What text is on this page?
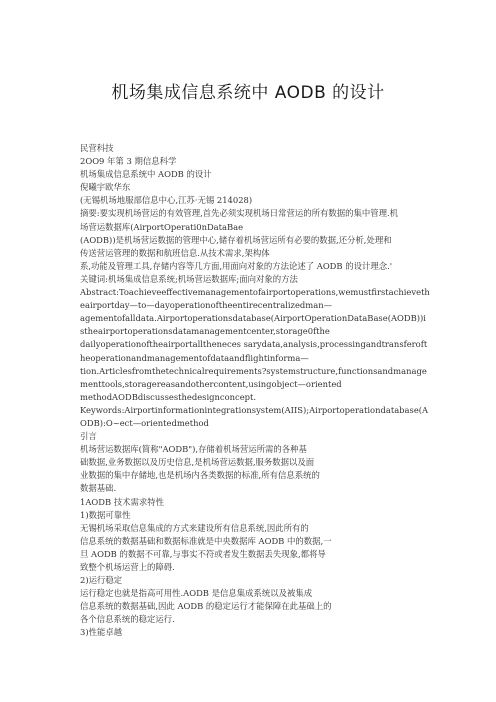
机场集成信息系统中 AODB 的设计
民营科技
2OO9 年第 3 期信息科学
机场集成信息系统中 AODB 的设计
倪曦宇欧华东
(无锡机场地服部信息中心,江苏·无锡 214028)
摘要:要实现机场营运的有效管理,首先必须实现机场日常营运的所有数据的集中管理.机
场营运数据库(AirportOperati0nDataBae
(AODB))是机场营运数据的管理中心,储存着机场营运所有必要的数据,还分析,处理和
传送营运管理的数据和航班信息.从技术需求,架构体
系,功能及管理工具,存储内容等几方面,用面向对象的方法论述了 AODB 的设计理念.'
关键词:机场集成信息系统;机场营运数据库;面向对象的方法
Abstract:Toachieveeffectivemanagementofairportoperations,wemustfirstachievetheairportday—to—dayoperationoftheentirecentralizedman—
agementofalldata.Airportoperationsdatabase(AirportOperationDataBase(AODB))istheairportoperationsdatamanagementcenter,storage0fthe
dailyoperationoftheairportalltheneces sarydata,analysis,processingandtransferoftheoperationandmanagementofdataandflightinforma—
tion.Articlesfromthetechnicalrequirements?systemstructure,functionsandmanagementtools,storagereasandothercontent,usingobject—oriented
methodAODBdiscussesthedesignconcept.
Keywords:Airportinformationintegrationsystem(AIIS);Airportoperationdatabase(AODB):O~ect—orientedmethod
引言
机场营运数据库(简称"AODB"),存储着机场营运所需的各种基
础数据,业务数据以及历史信息,是机场营运数据,服务数据以及面
业数据的集中存储地,也是机场内各类数据的标准,所有信息系统的
数据基础.
1AODB 技术需求特性
1)数据可靠性
无锡机场采取信息集成的方式来建设所有信息系统,因此所有的
信息系统的数据基础和数据标准就是中央数据库 AODB 中的数据,一
旦 AODB 的数据不可靠,与事实不符或者发生数据丢失现象,都将导
致整个机场运营上的障碍.
2)运行稳定
运行稳定也就是指高可用性.AODB 是信息集成系统以及被集成
信息系统的数据基础,因此 AODB 的稳定运行才能保障在此基础上的
各个信息系统的稳定运行.
3)性能卓越
